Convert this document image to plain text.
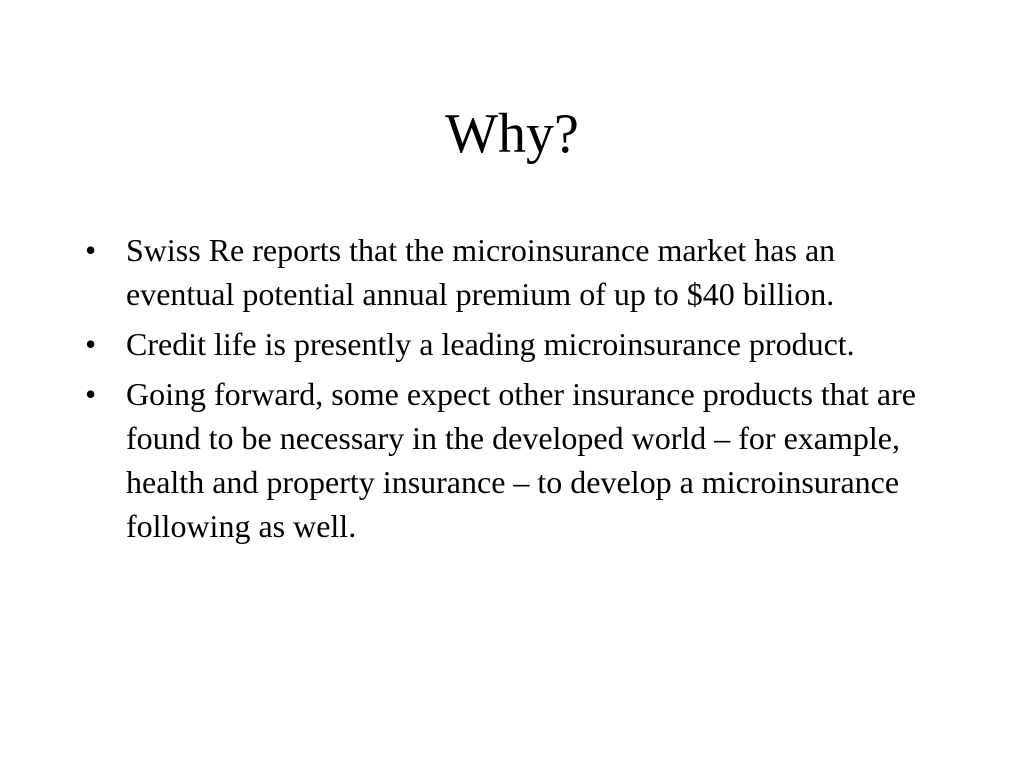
Why?
• Swiss Re reports that the microinsurance market has an eventual potential annual premium of up to $40 billion.
• Credit life is presently a leading microinsurance product.
• Going forward, some expect other insurance products that are found to be necessary in the developed world – for example, health and property insurance – to develop a microinsurance following as well.
